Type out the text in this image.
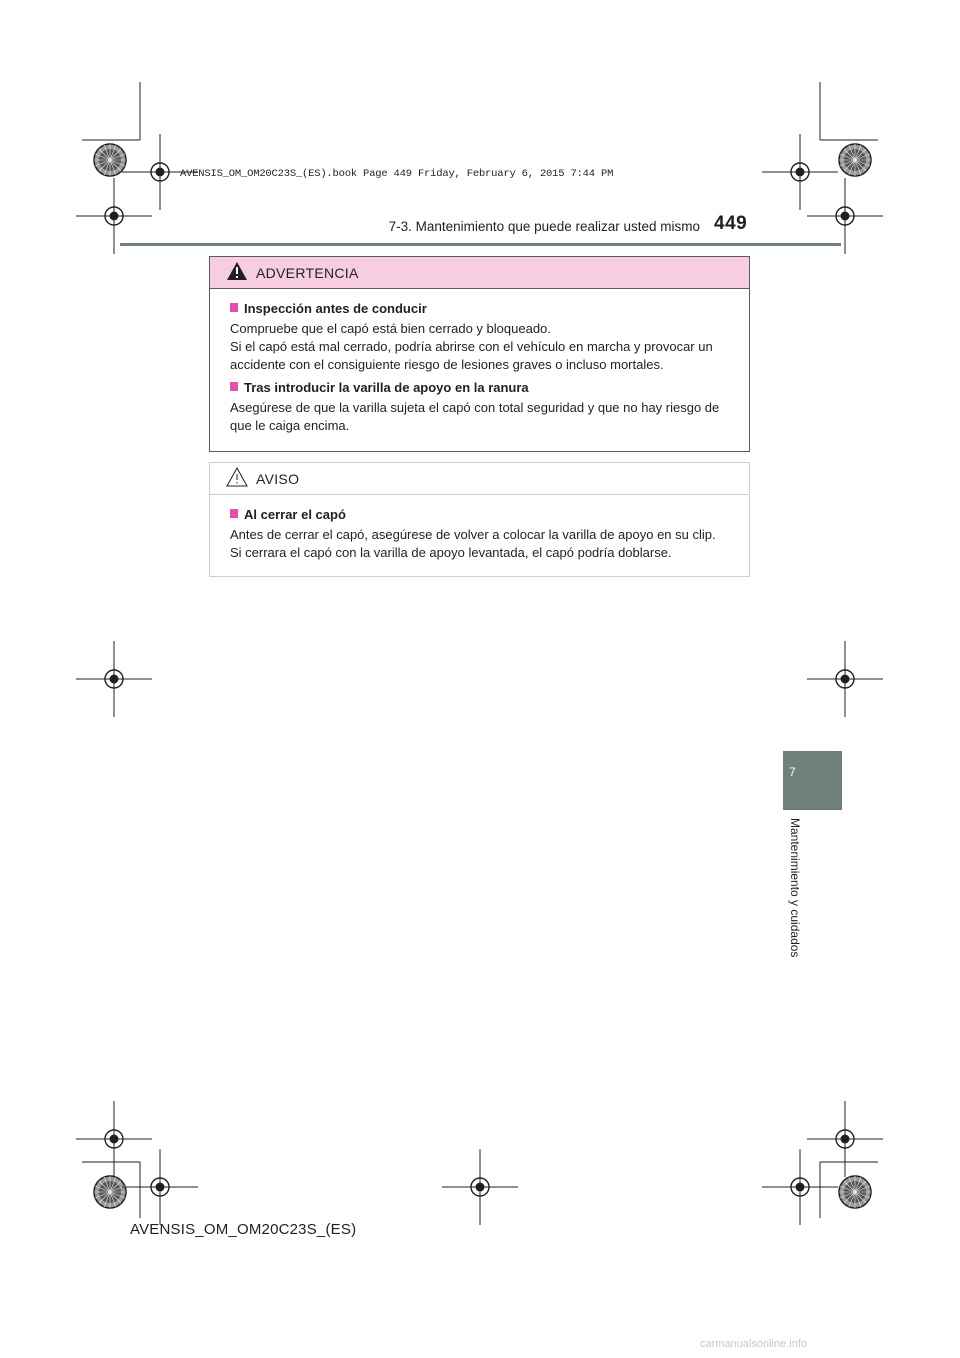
AVENSIS_OM_OM20C23S_(ES).book Page 449 Friday, February 6, 2015 7:44 PM
7-3. Mantenimiento que puede realizar usted mismo 449
7
Mantenimiento y cuidados
ADVERTENCIA
Inspección antes de conducir

Compruebe que el capó está bien cerrado y bloqueado.

Si el capó está mal cerrado, podría abrirse con el vehículo en marcha y provocar un

accidente con el consiguiente riesgo de lesiones graves o incluso mortales.

Tras introducir la varilla de apoyo en la ranura

Asegúrese de que la varilla sujeta el capó con total seguridad y que no hay riesgo de

que le caiga encima.

AVISO
Al cerrar el capó

Antes de cerrar el capó, asegúrese de volver a colocar la varilla de apoyo en su clip.

Si cerrara el capó con la varilla de apoyo levantada, el capó podría doblarse.

AVENSIS_OM_OM20C23S_(ES)
carmanualsonline.info
